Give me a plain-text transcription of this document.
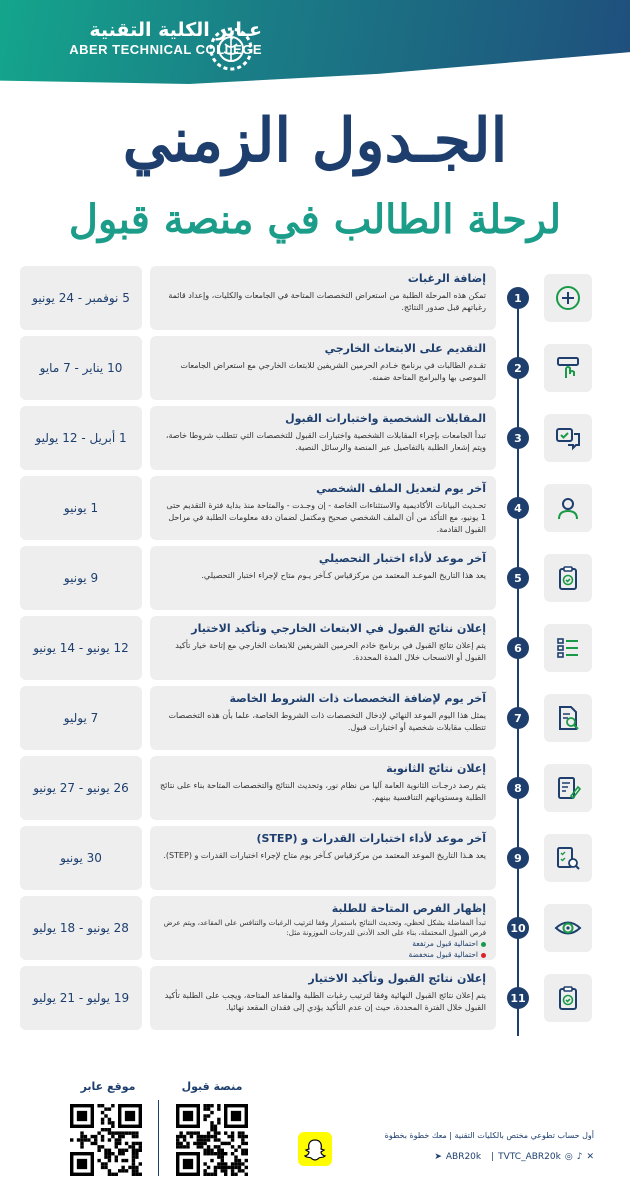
عـابر الكلية التقنية
ABER TECHNICAL COLLEGE
الجـدول الزمني
لرحلة الطالب في منصة قبول
5 نوفمبر - 24 يونيو
إضافة الرغبات
تمكن هذه المرحلة الطلبة من استعراض التخصصات المتاحة في الجامعات والكليات، وإعداد قائمة رغباتهم قبل صدور النتائج.
1
10 يناير - 7 مايو
التقديم على الابتعاث الخارجي
تقـدم الطالبات في برنامج خـادم الحرمين الشريفين للابتعاث الخارجي مع استعراض الجامعات الموصى بها والبرامج المتاحة ضمنه.
2
1 أبريل - 12 يوليو
المقابلات الشخصية واختبارات القبول
تبدأ الجامعات بإجراء المقابلات الشخصية واختبارات القبول للتخصصات التي تتطلب شروطا خاصة، ويتم إشعار الطلبة بالتفاصيل عبر المنصة والرسائل النصية.
3
1 يونيو
آخر يوم لتعديل الملف الشخصي
تحـديث البيانات الأكاديمية والاستثناءات الخاصة - إن وجـدت - والمتاحة منذ بداية فترة التقديم حتى 1 يونيو، مع التأكد من أن الملف الشخصي صحيح ومكتمل لضمان دقة معلومات الطلبة في مراحل القبول القادمة.
4
9 يونيو
آخر موعد لأداء اختبار التحصيلي
يعد هذا التاريخ الموعـد المعتمد من مركزقياس كـآخر يـوم متاح لإجراء اختبار التحصيلي.	5
12 يونيو - 14 يونيو
إعلان نتائج القبول في الابتعاث الخارجي وتأكيد الاختيار
يتم إعلان نتائج القبول في برنامج خادم الحرمين الشريفين للابتعاث الخارجي مع إتاحة خيار تأكيد القبول أو الانسحاب خلال المدة المحددة.
6
7 يوليو
آخر يوم لإضافة التخصصات ذات الشروط الخاصة
يمثل هذا اليوم الموعد النهائي لإدخال التخصصات ذات الشروط الخاصة، علما بأن هذه التخصصات تتطلب مقابلات شخصية أو اختبارات قبول.
7
26 يونيو - 27 يونيو
إعلان نتائج الثانوية
يتم رصد درجـات الثانوية العامة آليا من نظام نور، وتحديث النتائج والتخصصات المتاحة بناء على نتائج الطلبة ومستوياتهم التنافسية بينهم.
8
30 يونيو
آخر موعد لأداء اختبارات القدرات و (STEP)
يعد هـذا التاريخ الموعد المعتمد من مركزقياس كـآخر يوم متاح لإجراء اختبارات القدرات و (STEP).	9
28 يونيو - 18 يوليو
إظهار الفرص المتاحة للطلبة
تبدأ المفاضلة بشكل لحظي، وتحديث النتائج باستمرار وفقا لترتيب الرغبات والتنافس على المقاعد، ويتم عرض فرص القبول المحتملة، بناء على الحد الأدنى للدرجات الموزونة مثل:
احتمالية قبول مرتفعة
احتمالية قبول منخفضة
10
19 يوليو - 21 يوليو
إعلان نتائج القبول وتأكيد الاختيار
يتم إعلان نتائج القبول النهائية وفقا لترتيب رغبات الطلبة والمقاعد المتاحة، ويجب على الطلبة تأكيد القبول خلال الفترة المحددة، حيث إن عدم التأكيد يؤدي إلى فقدان المقعد نهائيا.
11
موقع عابر	منصة قبول
أول حساب تطوعي مختص بالكليات التقنية | معك خطوة بخطوة
➤ ABR20k | TVTC_ABR20k ◎ ♪ ✕
